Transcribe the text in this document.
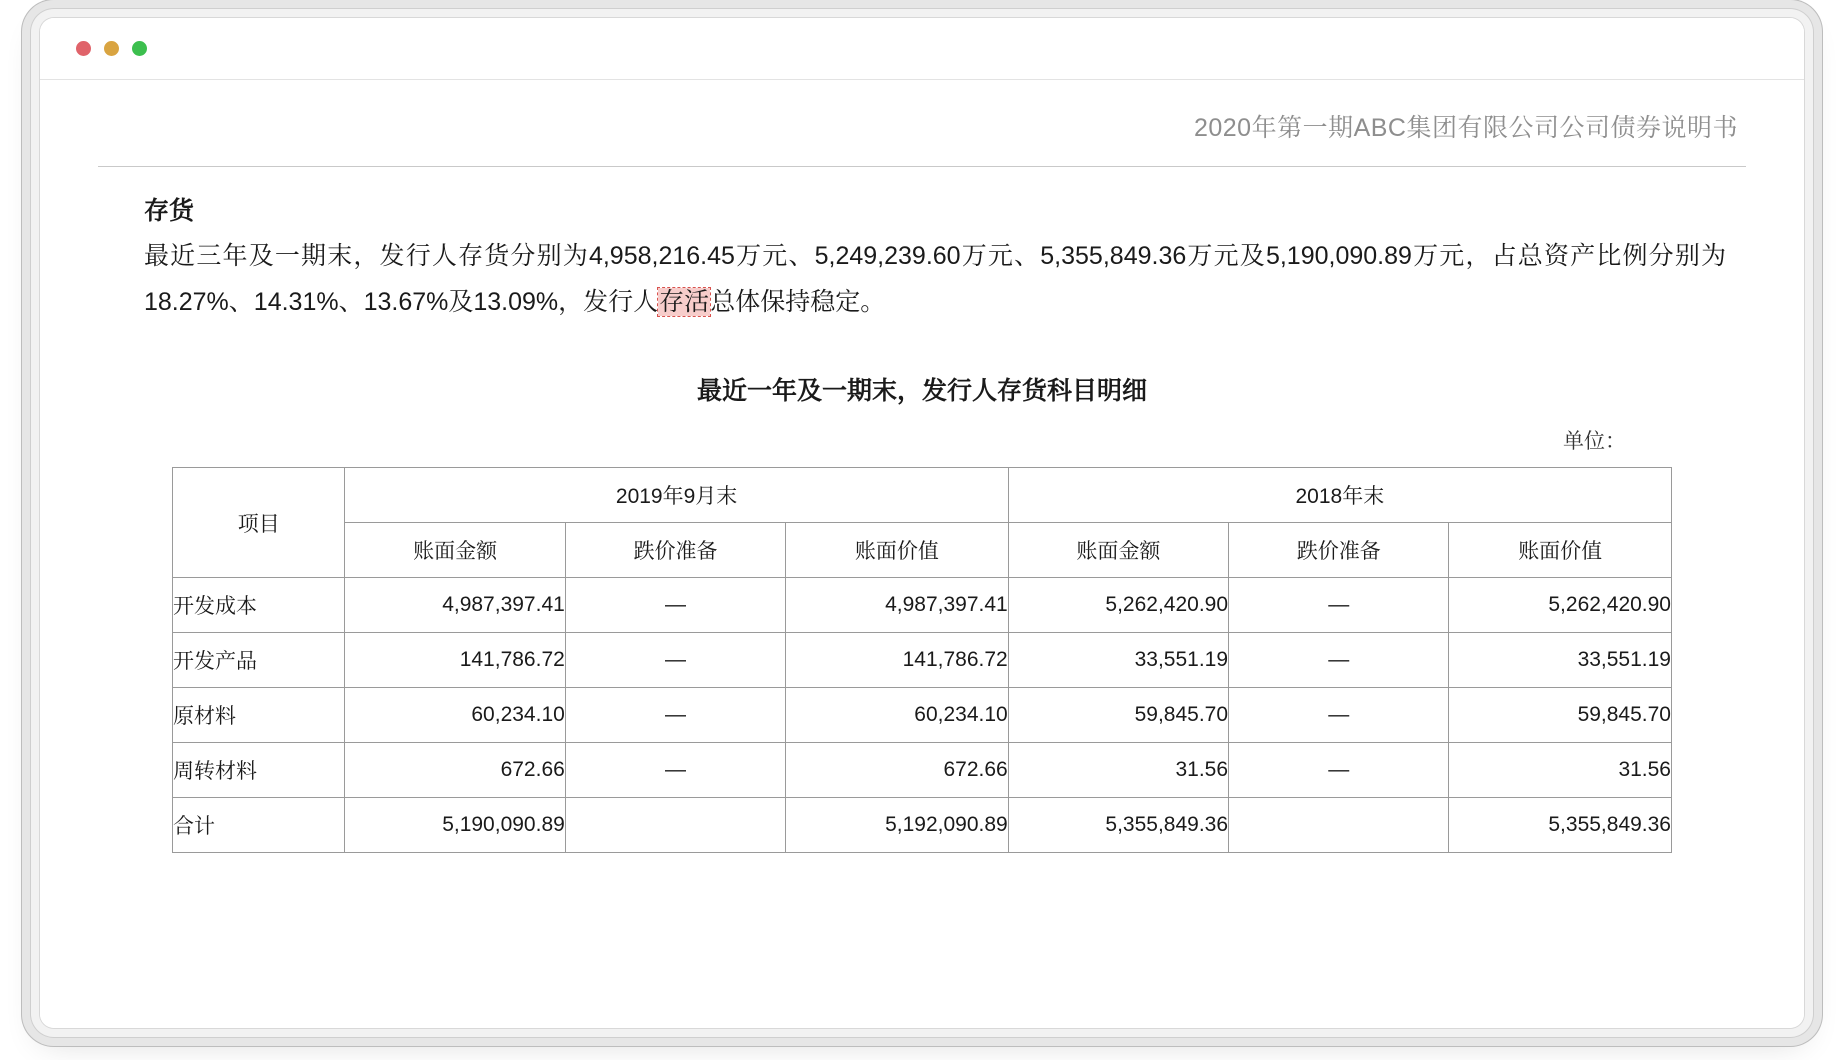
2020年第一期ABC集团有限公司公司债券说明书
存货
最近三年及一期末，发行人存货分别为4,958,216.45万元、5,249,239.60万元、5,355,849.36万元及5,190,090.89万元，占总资产比例分别为18.27%、14.31%、13.67%及13.09%，发行人存活总体保持稳定。
最近一年及一期末，发行人存货科目明细
单位：
项目	2019年9月末			2018年末		
	账面金额	跌价准备	账面价值	账面金额	跌价准备	账面价值
开发成本	4,987,397.41	—	4,987,397.41	5,262,420.90	—	5,262,420.90
开发产品	141,786.72	—	141,786.72	33,551.19	—	33,551.19
原材料	60,234.10	—	60,234.10	59,845.70	—	59,845.70
周转材料	672.66	—	672.66	31.56	—	31.56
合计	5,190,090.89		5,192,090.89	5,355,849.36		5,355,849.36
